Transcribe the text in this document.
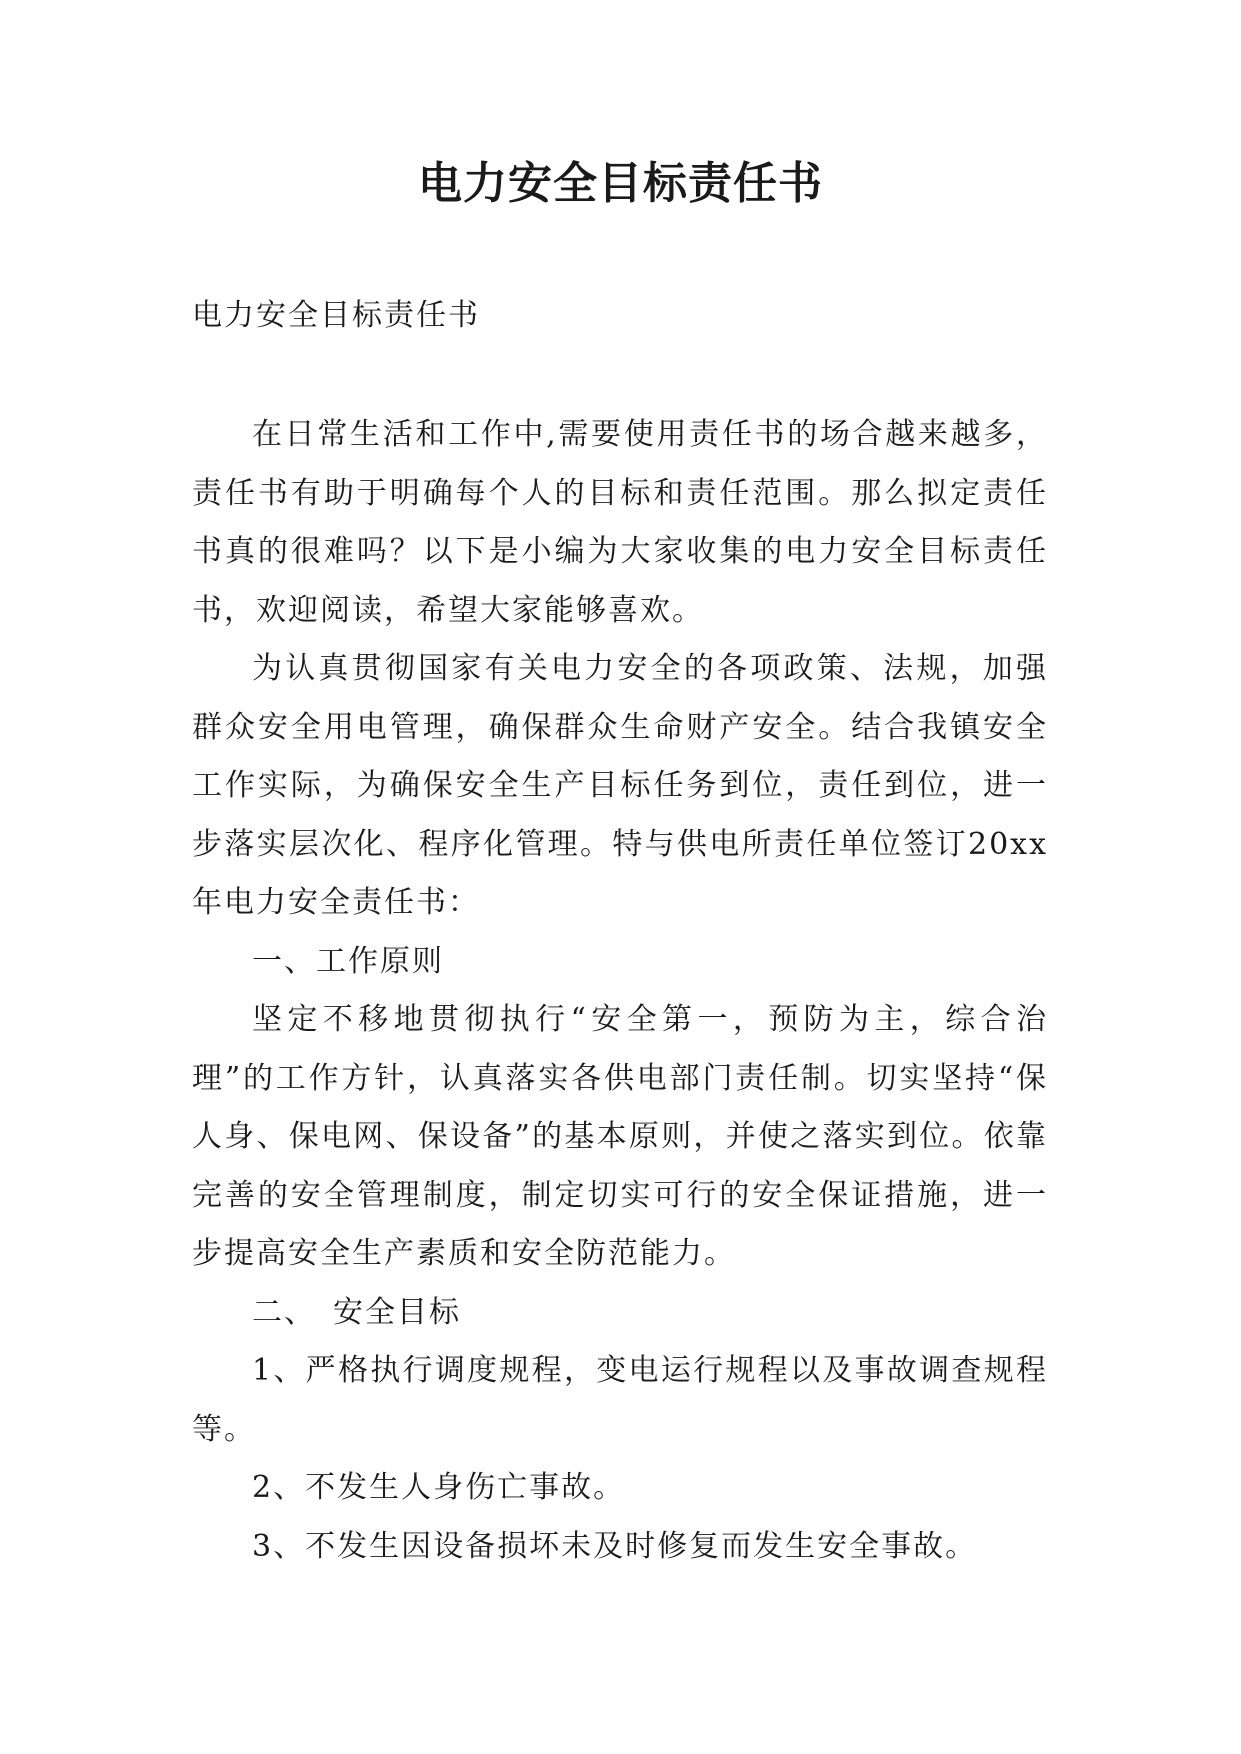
电力安全目标责任书

电力安全目标责任书

在日常生活和工作中,需要使用责任书的场合越来越多，责任书有助于明确每个人的目标和责任范围。那么拟定责任书真的很难吗？以下是小编为大家收集的电力安全目标责任书，欢迎阅读，希望大家能够喜欢。

为认真贯彻国家有关电力安全的各项政策、法规，加强群众安全用电管理，确保群众生命财产安全。结合我镇安全工作实际，为确保安全生产目标任务到位，责任到位，进一步落实层次化、程序化管理。特与供电所责任单位签订20xx年电力安全责任书：

一、工作原则

坚定不移地贯彻执行“安全第一，预防为主，综合治理”的工作方针，认真落实各供电部门责任制。切实坚持“保人身、保电网、保设备”的基本原则，并使之落实到位。依靠完善的安全管理制度，制定切实可行的安全保证措施，进一步提高安全生产素质和安全防范能力。

二、　安全目标

1、严格执行调度规程，变电运行规程以及事故调查规程等。

2、不发生人身伤亡事故。

3、不发生因设备损坏未及时修复而发生安全事故。
